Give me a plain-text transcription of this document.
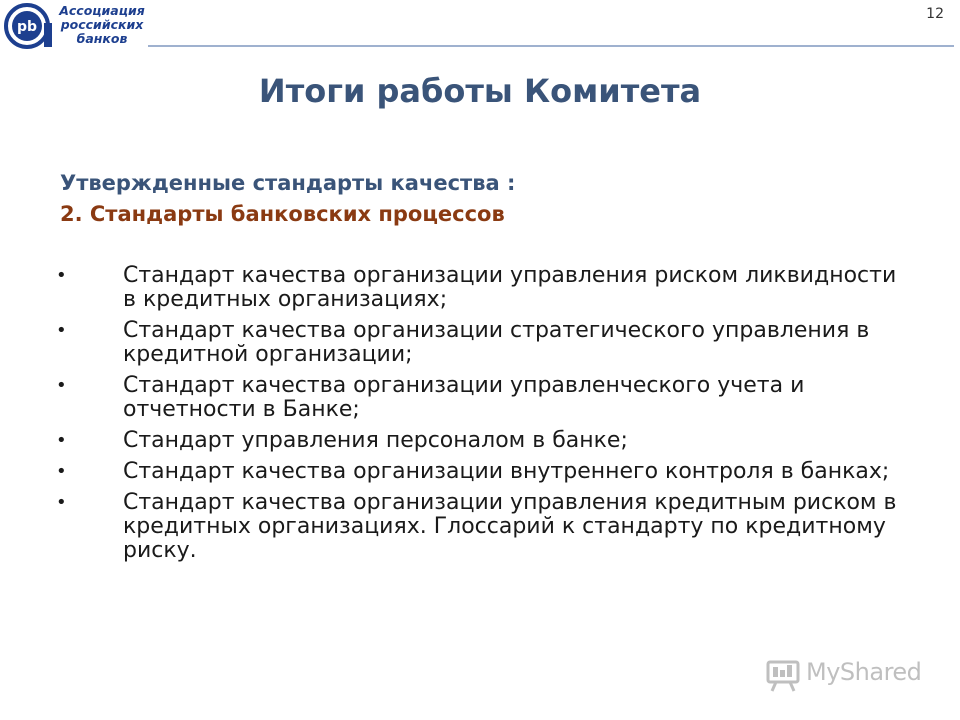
pb
Ассоциация
российских
банков
12
Итоги работы Комитета
Утвержденные стандарты качества :
2. Стандарты банковских процессов
•	Стандарт качества организации управления риском ликвидности в кредитных организациях;
•	Стандарт качества организации стратегического управления в кредитной организации;
•	Стандарт качества организации управленческого учета и отчетности в Банке;
•	Стандарт управления персоналом в банке;
•	Стандарт качества организации внутреннего контроля в банках;
•	Стандарт качества организации управления кредитным риском в кредитных организациях. Глоссарий к стандарту по кредитному риску.
MyShared
